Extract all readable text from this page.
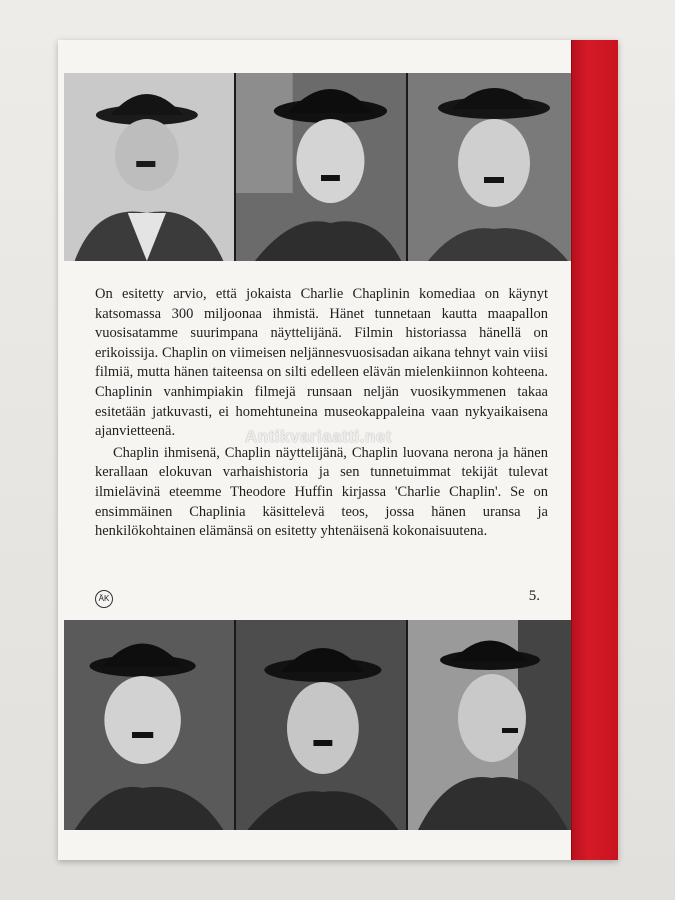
On esitetty arvio, että jokaista Charlie Chaplinin komediaa on käynyt katsomassa 300 miljoonaa ihmistä. Hänet tunnetaan kautta maapallon vuosisatamme suurimpana näyttelijänä. Filmin historiassa hänellä on erikoissija. Chaplin on viimeisen neljännesvuosisadan aikana tehnyt vain viisi filmiä, mutta hänen taiteensa on silti edelleen elävän mielenkiinnon kohteena. Chaplinin vanhimpiakin filmejä runsaan neljän vuosikymmenen takaa esitetään jatkuvasti, ei homehtuneina museokappaleina vaan nykyaikaisena ajanvietteenä.

Chaplin ihmisenä, Chaplin näyttelijänä, Chaplin luovana nerona ja hänen kerallaan elokuvan varhaishistoria ja sen tunnetuimmat tekijät tulevat ilmielävinä eteemme Theodore Huffin kirjassa 'Charlie Chaplin'. Se on ensimmäinen Chaplinia käsittelevä teos, jossa hänen uransa ja henkilökohtainen elämänsä on esitetty yhtenäisenä kokonaisuutena.

Antikvariaatti.net
ÄK	5.
